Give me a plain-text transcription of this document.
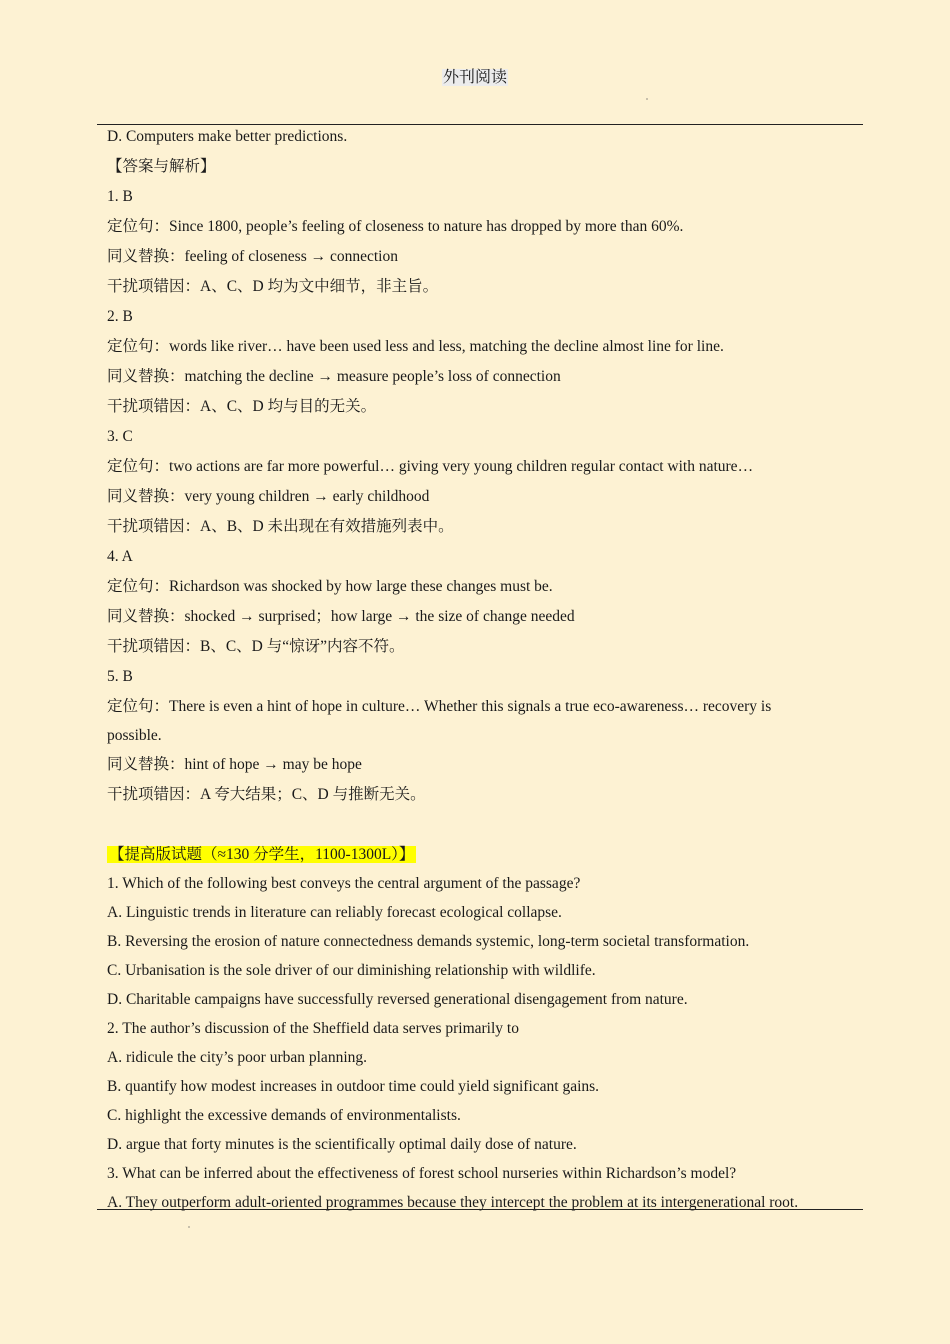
外刊阅读
D. Computers make better predictions.
【答案与解析】
1. B
定位句：Since 1800, people’s feeling of closeness to nature has dropped by more than 60%.
同义替换：feeling of closeness → connection
干扰项错因：A、C、D 均为文中细节，非主旨。
2. B
定位句：words like river… have been used less and less, matching the decline almost line for line.
同义替换：matching the decline → measure people’s loss of connection
干扰项错因：A、C、D 均与目的无关。
3. C
定位句：two actions are far more powerful… giving very young children regular contact with nature…
同义替换：very young children → early childhood
干扰项错因：A、B、D 未出现在有效措施列表中。
4. A
定位句：Richardson was shocked by how large these changes must be.
同义替换：shocked → surprised；how large → the size of change needed
干扰项错因：B、C、D 与“惊讶”内容不符。
5. B
定位句：There is even a hint of hope in culture… Whether this signals a true eco-awareness… recovery is
possible.
同义替换：hint of hope → may be hope
干扰项错因：A 夸大结果；C、D 与推断无关。
【提高版试题（≈130 分学生，1100-1300L）】
1. Which of the following best conveys the central argument of the passage?
A. Linguistic trends in literature can reliably forecast ecological collapse.
B. Reversing the erosion of nature connectedness demands systemic, long-term societal transformation.
C. Urbanisation is the sole driver of our diminishing relationship with wildlife.
D. Charitable campaigns have successfully reversed generational disengagement from nature.
2. The author’s discussion of the Sheffield data serves primarily to
A. ridicule the city’s poor urban planning.
B. quantify how modest increases in outdoor time could yield significant gains.
C. highlight the excessive demands of environmentalists.
D. argue that forty minutes is the scientifically optimal daily dose of nature.
3. What can be inferred about the effectiveness of forest school nurseries within Richardson’s model?
A. They outperform adult-oriented programmes because they intercept the problem at its intergenerational root.
